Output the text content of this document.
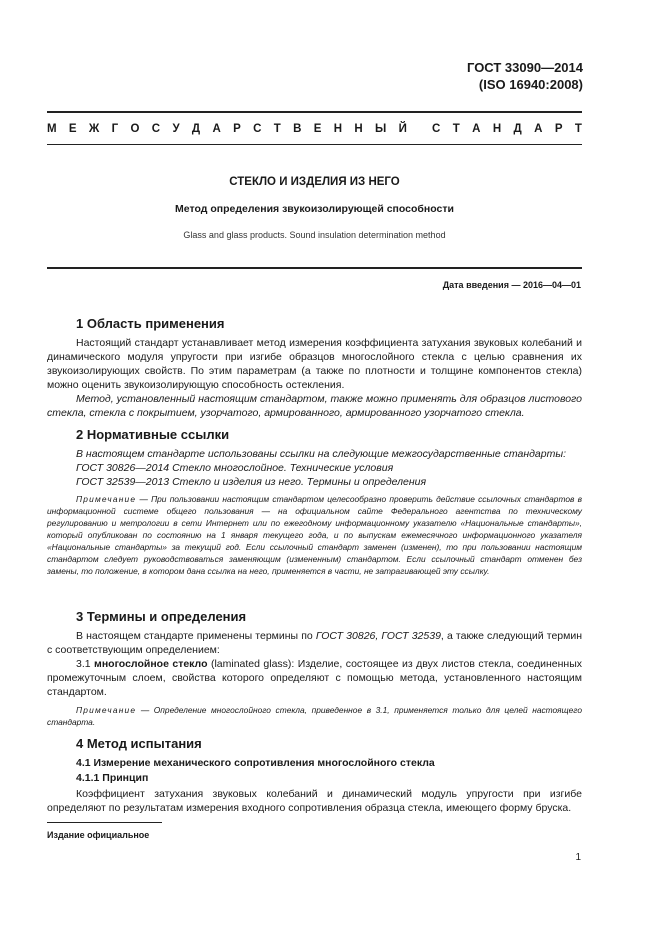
ГОСТ 33090—2014
(ISO 16940:2008)
М Е Ж Г О С У Д А Р С Т В Е Н Н Ы Й С Т А Н Д А Р Т
СТЕКЛО И ИЗДЕЛИЯ ИЗ НЕГО
Метод определения звукоизолирующей способности
Glass and glass products. Sound insulation determination method
Дата введения — 2016—04—01
1 Область применения
Настоящий стандарт устанавливает метод измерения коэффициента затухания звуковых колебаний и динамического модуля упругости при изгибе образцов многослойного стекла с целью сравнения их звукоизолирующих свойств. По этим параметрам (а также по плотности и толщине компонентов стекла) можно оценить звукоизолирующую способность остекления.
Метод, установленный настоящим стандартом, также можно применять для образцов листового стекла, стекла с покрытием, узорчатого, армированного, армированного узорчатого стекла.
2 Нормативные ссылки
В настоящем стандарте использованы ссылки на следующие межгосударственные стандарты:
ГОСТ 30826—2014 Стекло многослойное. Технические условия
ГОСТ 32539—2013 Стекло и изделия из него. Термины и определения
Примечание — При пользовании настоящим стандартом целесообразно проверить действие ссылочных стандартов в информационной системе общего пользования — на официальном сайте Федерального агентства по техническому регулированию и метрологии в сети Интернет или по ежегодному информационному указателю «Национальные стандарты», который опубликован по состоянию на 1 января текущего года, и по выпускам ежемесячного информационного указателя «Национальные стандарты» за текущий год. Если ссылочный стандарт заменен (изменен), то при пользовании настоящим стандартом следует руководствоваться заменяющим (измененным) стандартом. Если ссылочный стандарт отменен без замены, то положение, в котором дана ссылка на него, применяется в части, не затрагивающей эту ссылку.
3 Термины и определения
В настоящем стандарте применены термины по ГОСТ 30826, ГОСТ 32539, а также следующий термин с соответствующим определением:
3.1 многослойное стекло (laminated glass): Изделие, состоящее из двух листов стекла, соединенных промежуточным слоем, свойства которого определяют с помощью метода, установленного настоящим стандартом.
Примечание — Определение многослойного стекла, приведенное в 3.1, применяется только для целей настоящего стандарта.
4 Метод испытания
4.1 Измерение механического сопротивления многослойного стекла
4.1.1 Принцип
Коэффициент затухания звуковых колебаний и динамический модуль упругости при изгибе определяют по результатам измерения входного сопротивления образца стекла, имеющего форму бруска.
Издание официальное
1
